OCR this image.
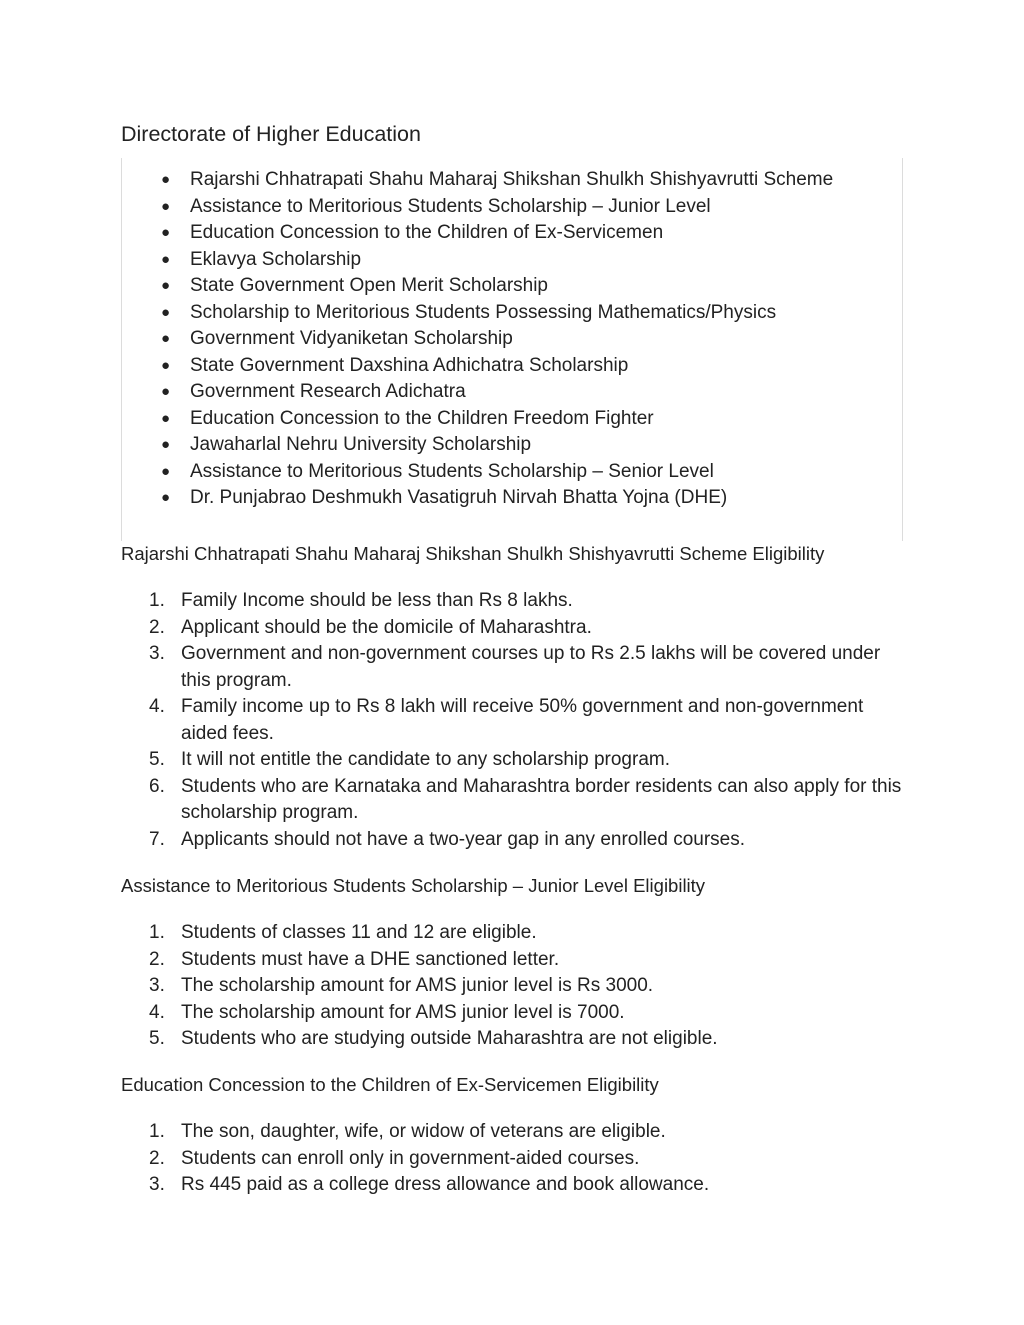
Directorate of Higher Education
● Rajarshi Chhatrapati Shahu Maharaj Shikshan Shulkh Shishyavrutti Scheme
● Assistance to Meritorious Students Scholarship – Junior Level
● Education Concession to the Children of Ex-Servicemen
● Eklavya Scholarship
● State Government Open Merit Scholarship
● Scholarship to Meritorious Students Possessing Mathematics/Physics
● Government Vidyaniketan Scholarship
● State Government Daxshina Adhichatra Scholarship
● Government Research Adichatra
● Education Concession to the Children Freedom Fighter
● Jawaharlal Nehru University Scholarship
● Assistance to Meritorious Students Scholarship – Senior Level
● Dr. Punjabrao Deshmukh Vasatigruh Nirvah Bhatta Yojna (DHE)
Rajarshi Chhatrapati Shahu Maharaj Shikshan Shulkh Shishyavrutti Scheme Eligibility
1. Family Income should be less than Rs 8 lakhs.
2. Applicant should be the domicile of Maharashtra.
3. Government and non-government courses up to Rs 2.5 lakhs will be covered under this program.
4. Family income up to Rs 8 lakh will receive 50% government and non-government aided fees.
5. It will not entitle the candidate to any scholarship program.
6. Students who are Karnataka and Maharashtra border residents can also apply for this scholarship program.
7. Applicants should not have a two-year gap in any enrolled courses.
Assistance to Meritorious Students Scholarship – Junior Level Eligibility
1. Students of classes 11 and 12 are eligible.
2. Students must have a DHE sanctioned letter.
3. The scholarship amount for AMS junior level is Rs 3000.
4. The scholarship amount for AMS junior level is 7000.
5. Students who are studying outside Maharashtra are not eligible.
Education Concession to the Children of Ex-Servicemen Eligibility
1. The son, daughter, wife, or widow of veterans are eligible.
2. Students can enroll only in government-aided courses.
3. Rs 445 paid as a college dress allowance and book allowance.
